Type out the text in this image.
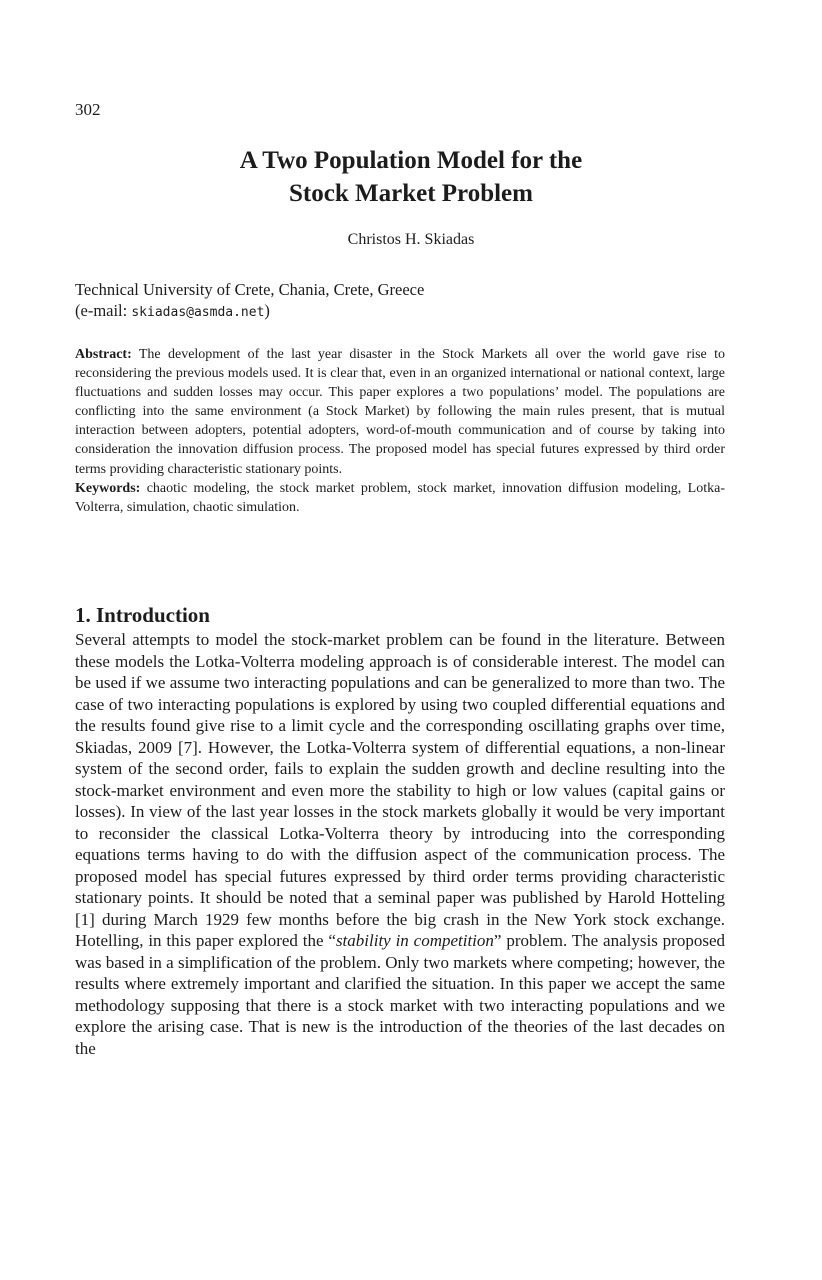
302
A Two Population Model for the
Stock Market Problem
Christos H. Skiadas
Technical University of Crete, Chania, Crete, Greece
(e-mail: skiadas@asmda.net)

Abstract: The development of the last year disaster in the Stock Markets all over the world gave rise to reconsidering the previous models used. It is clear that, even in an organized international or national context, large fluctuations and sudden losses may occur. This paper explores a two populations’ model. The populations are conflicting into the same environment (a Stock Market) by following the main rules present, that is mutual interaction between adopters, potential adopters, word-of-mouth communication and of course by taking into consideration the innovation diffusion process. The proposed model has special futures expressed by third order terms providing characteristic stationary points.

Keywords: chaotic modeling, the stock market problem, stock market, innovation diffusion modeling, Lotka-Volterra, simulation, chaotic simulation.

1. Introduction

Several attempts to model the stock-market problem can be found in the literature. Between these models the Lotka-Volterra modeling approach is of considerable interest. The model can be used if we assume two interacting populations and can be generalized to more than two. The case of two interacting populations is explored by using two coupled differential equations and the results found give rise to a limit cycle and the corresponding oscillating graphs over time, Skiadas, 2009 [7]. However, the Lotka-Volterra system of differential equations, a non-linear system of the second order, fails to explain the sudden growth and decline resulting into the stock-market environment and even more the stability to high or low values (capital gains or losses). In view of the last year losses in the stock markets globally it would be very important to reconsider the classical Lotka-Volterra theory by introducing into the corresponding equations terms having to do with the diffusion aspect of the communication process. The proposed model has special futures expressed by third order terms providing characteristic stationary points. It should be noted that a seminal paper was published by Harold Hotteling [1] during March 1929 few months before the big crash in the New York stock exchange. Hotelling, in this paper explored the “stability in competition” problem. The analysis proposed was based in a simplification of the problem. Only two markets where competing; however, the results where extremely important and clarified the situation. In this paper we accept the same methodology supposing that there is a stock market with two interacting populations and we explore the arising case. That is new is the introduction of the theories of the last decades on the
